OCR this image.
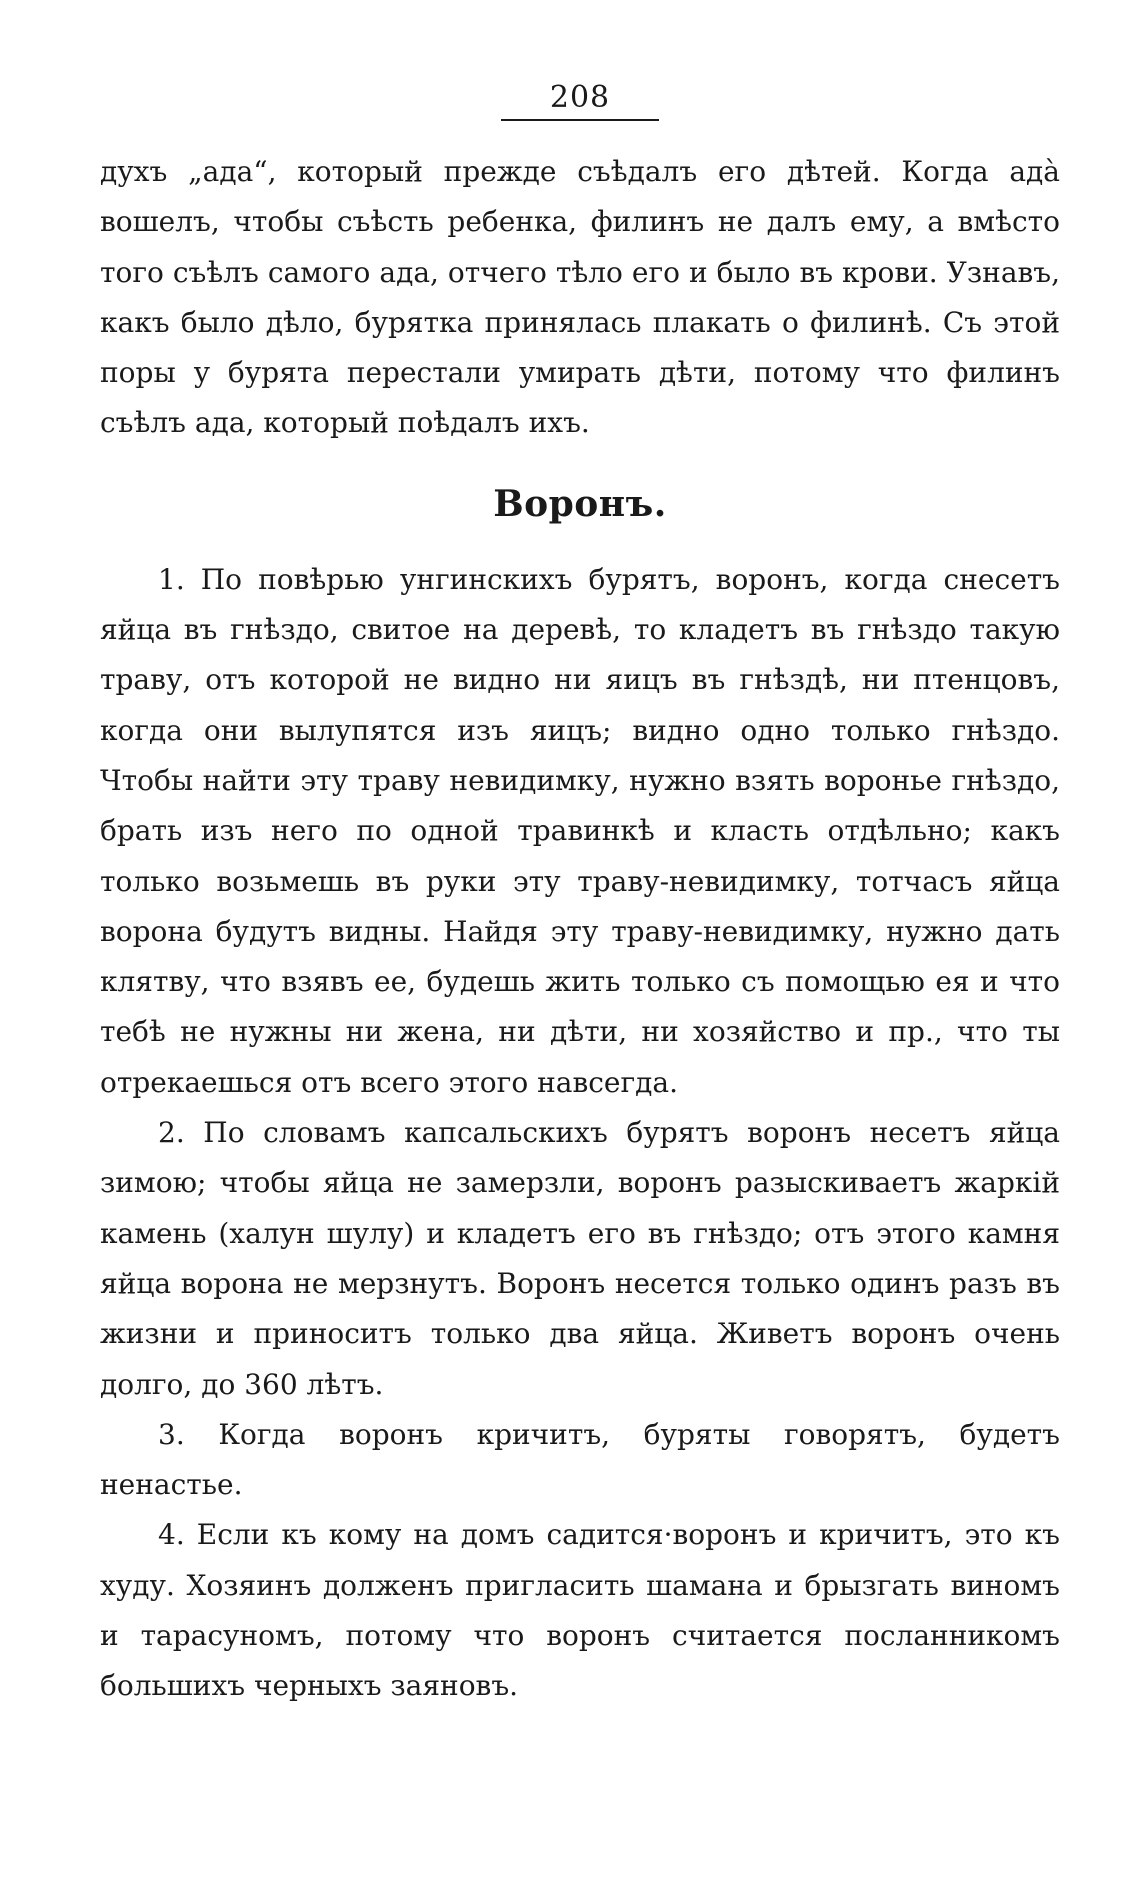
208

духъ „ада“, который прежде съѣдалъ его дѣтей. Когда ада̀ вошелъ, чтобы съѣсть ребенка, филинъ не далъ ему, а вмѣсто того съѣлъ самого ада, отчего тѣло его и было въ крови. Узнавъ, какъ было дѣло, бурятка принялась плакать о филинѣ. Съ этой поры у бурята перестали умирать дѣти, потому что филинъ съѣлъ ада, который поѣдалъ ихъ.

Воронъ.

1. По повѣрью унгинскихъ бурятъ, воронъ, когда снесетъ яйца въ гнѣздо, свитое на деревѣ, то кладетъ въ гнѣздо такую траву, отъ которой не видно ни яицъ въ гнѣздѣ, ни птенцовъ, когда они вылупятся изъ яицъ; видно одно только гнѣздо. Чтобы найти эту траву невидимку, нужно взять воронье гнѣздо, брать изъ него по одной травинкѣ и класть отдѣльно; какъ только возьмешь въ руки эту траву-невидимку, тотчасъ яйца ворона будутъ видны. Найдя эту траву-невидимку, нужно дать клятву, что взявъ ее, будешь жить только съ помощью ея и что тебѣ не нужны ни жена, ни дѣти, ни хозяйство и пр., что ты отрекаешься отъ всего этого навсегда.

2. По словамъ капсальскихъ бурятъ воронъ несетъ яйца зимою; чтобы яйца не замерзли, воронъ разыскиваетъ жаркій камень (халун шулу) и кладетъ его въ гнѣздо; отъ этого камня яйца ворона не мерзнутъ. Воронъ несется только одинъ разъ въ жизни и приноситъ только два яйца. Живетъ воронъ очень долго, до 360 лѣтъ.

3. Когда воронъ кричитъ, буряты говорятъ, будетъ ненастье.

4. Если къ кому на домъ садится·воронъ и кричитъ, это къ худу. Хозяинъ долженъ пригласить шамана и брызгать виномъ и тарасуномъ, потому что воронъ считается посланникомъ большихъ черныхъ заяновъ.
